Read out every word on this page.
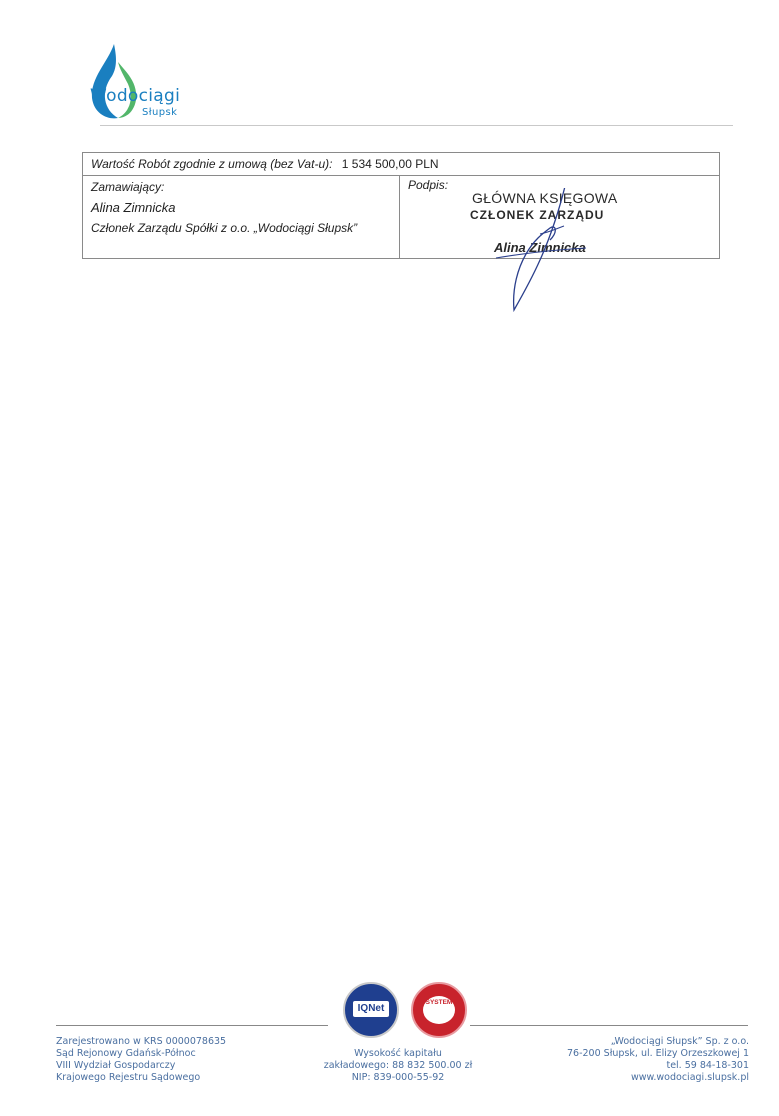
Wodociągi
Słupsk
Wartość Robót zgodnie z umową (bez Vat-u): 1 534 500,00 PLN
Zamawiający:
Alina Zimnicka
Członek Zarządu Spółki z o.o. „Wodociągi Słupsk”
Podpis:
GŁÓWNA KSIĘGOWA
CZŁONEK ZARZĄDU
Alina Zimnicka
IQNet
SYSTEM
Zarejestrowano w KRS 0000078635
Sąd Rejonowy Gdańsk-Północ
VIII Wydział Gospodarczy
Krajowego Rejestru Sądowego
Wysokość kapitału
zakładowego: 88 832 500.00 zł
NIP: 839-000-55-92
„Wodociągi Słupsk” Sp. z o.o.
76-200 Słupsk, ul. Elizy Orzeszkowej 1
tel. 59 84-18-301
www.wodociagi.slupsk.pl
